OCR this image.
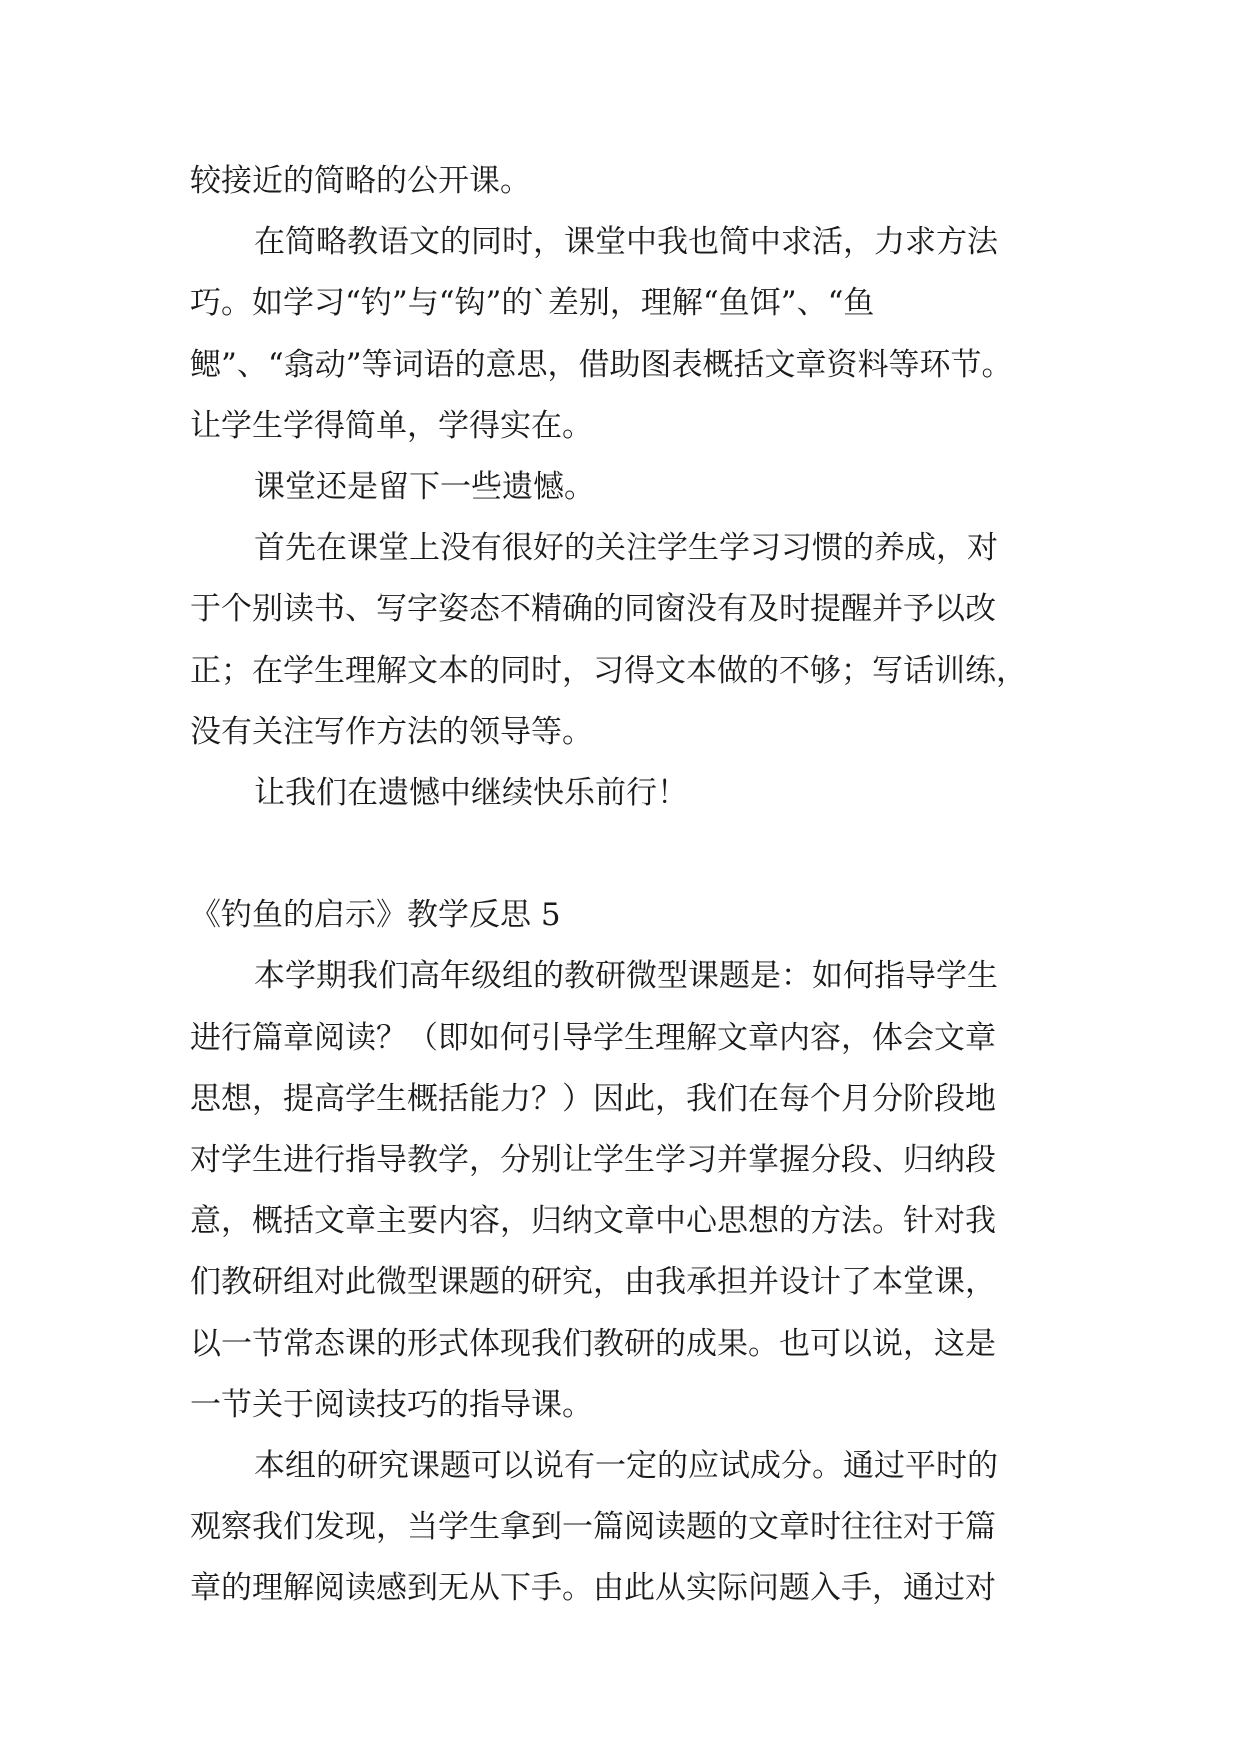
较接近的简略的公开课。
在简略教语文的同时，课堂中我也简中求活，力求方法
巧。如学习“钓”与“钩”的`差别，理解“鱼饵”、“鱼
鳃”、“翕动”等词语的意思，借助图表概括文章资料等环节。
让学生学得简单，学得实在。
课堂还是留下一些遗憾。
首先在课堂上没有很好的关注学生学习习惯的养成，对
于个别读书、写字姿态不精确的同窗没有及时提醒并予以改
正；在学生理解文本的同时，习得文本做的不够；写话训练，
没有关注写作方法的领导等。
让我们在遗憾中继续快乐前行！
《钓鱼的启示》教学反思 5
本学期我们高年级组的教研微型课题是：如何指导学生
进行篇章阅读？（即如何引导学生理解文章内容，体会文章
思想，提高学生概括能力？）因此，我们在每个月分阶段地
对学生进行指导教学，分别让学生学习并掌握分段、归纳段
意，概括文章主要内容，归纳文章中心思想的方法。针对我
们教研组对此微型课题的研究，由我承担并设计了本堂课，
以一节常态课的形式体现我们教研的成果。也可以说，这是
一节关于阅读技巧的指导课。
本组的研究课题可以说有一定的应试成分。通过平时的
观察我们发现，当学生拿到一篇阅读题的文章时往往对于篇
章的理解阅读感到无从下手。由此从实际问题入手，通过对
